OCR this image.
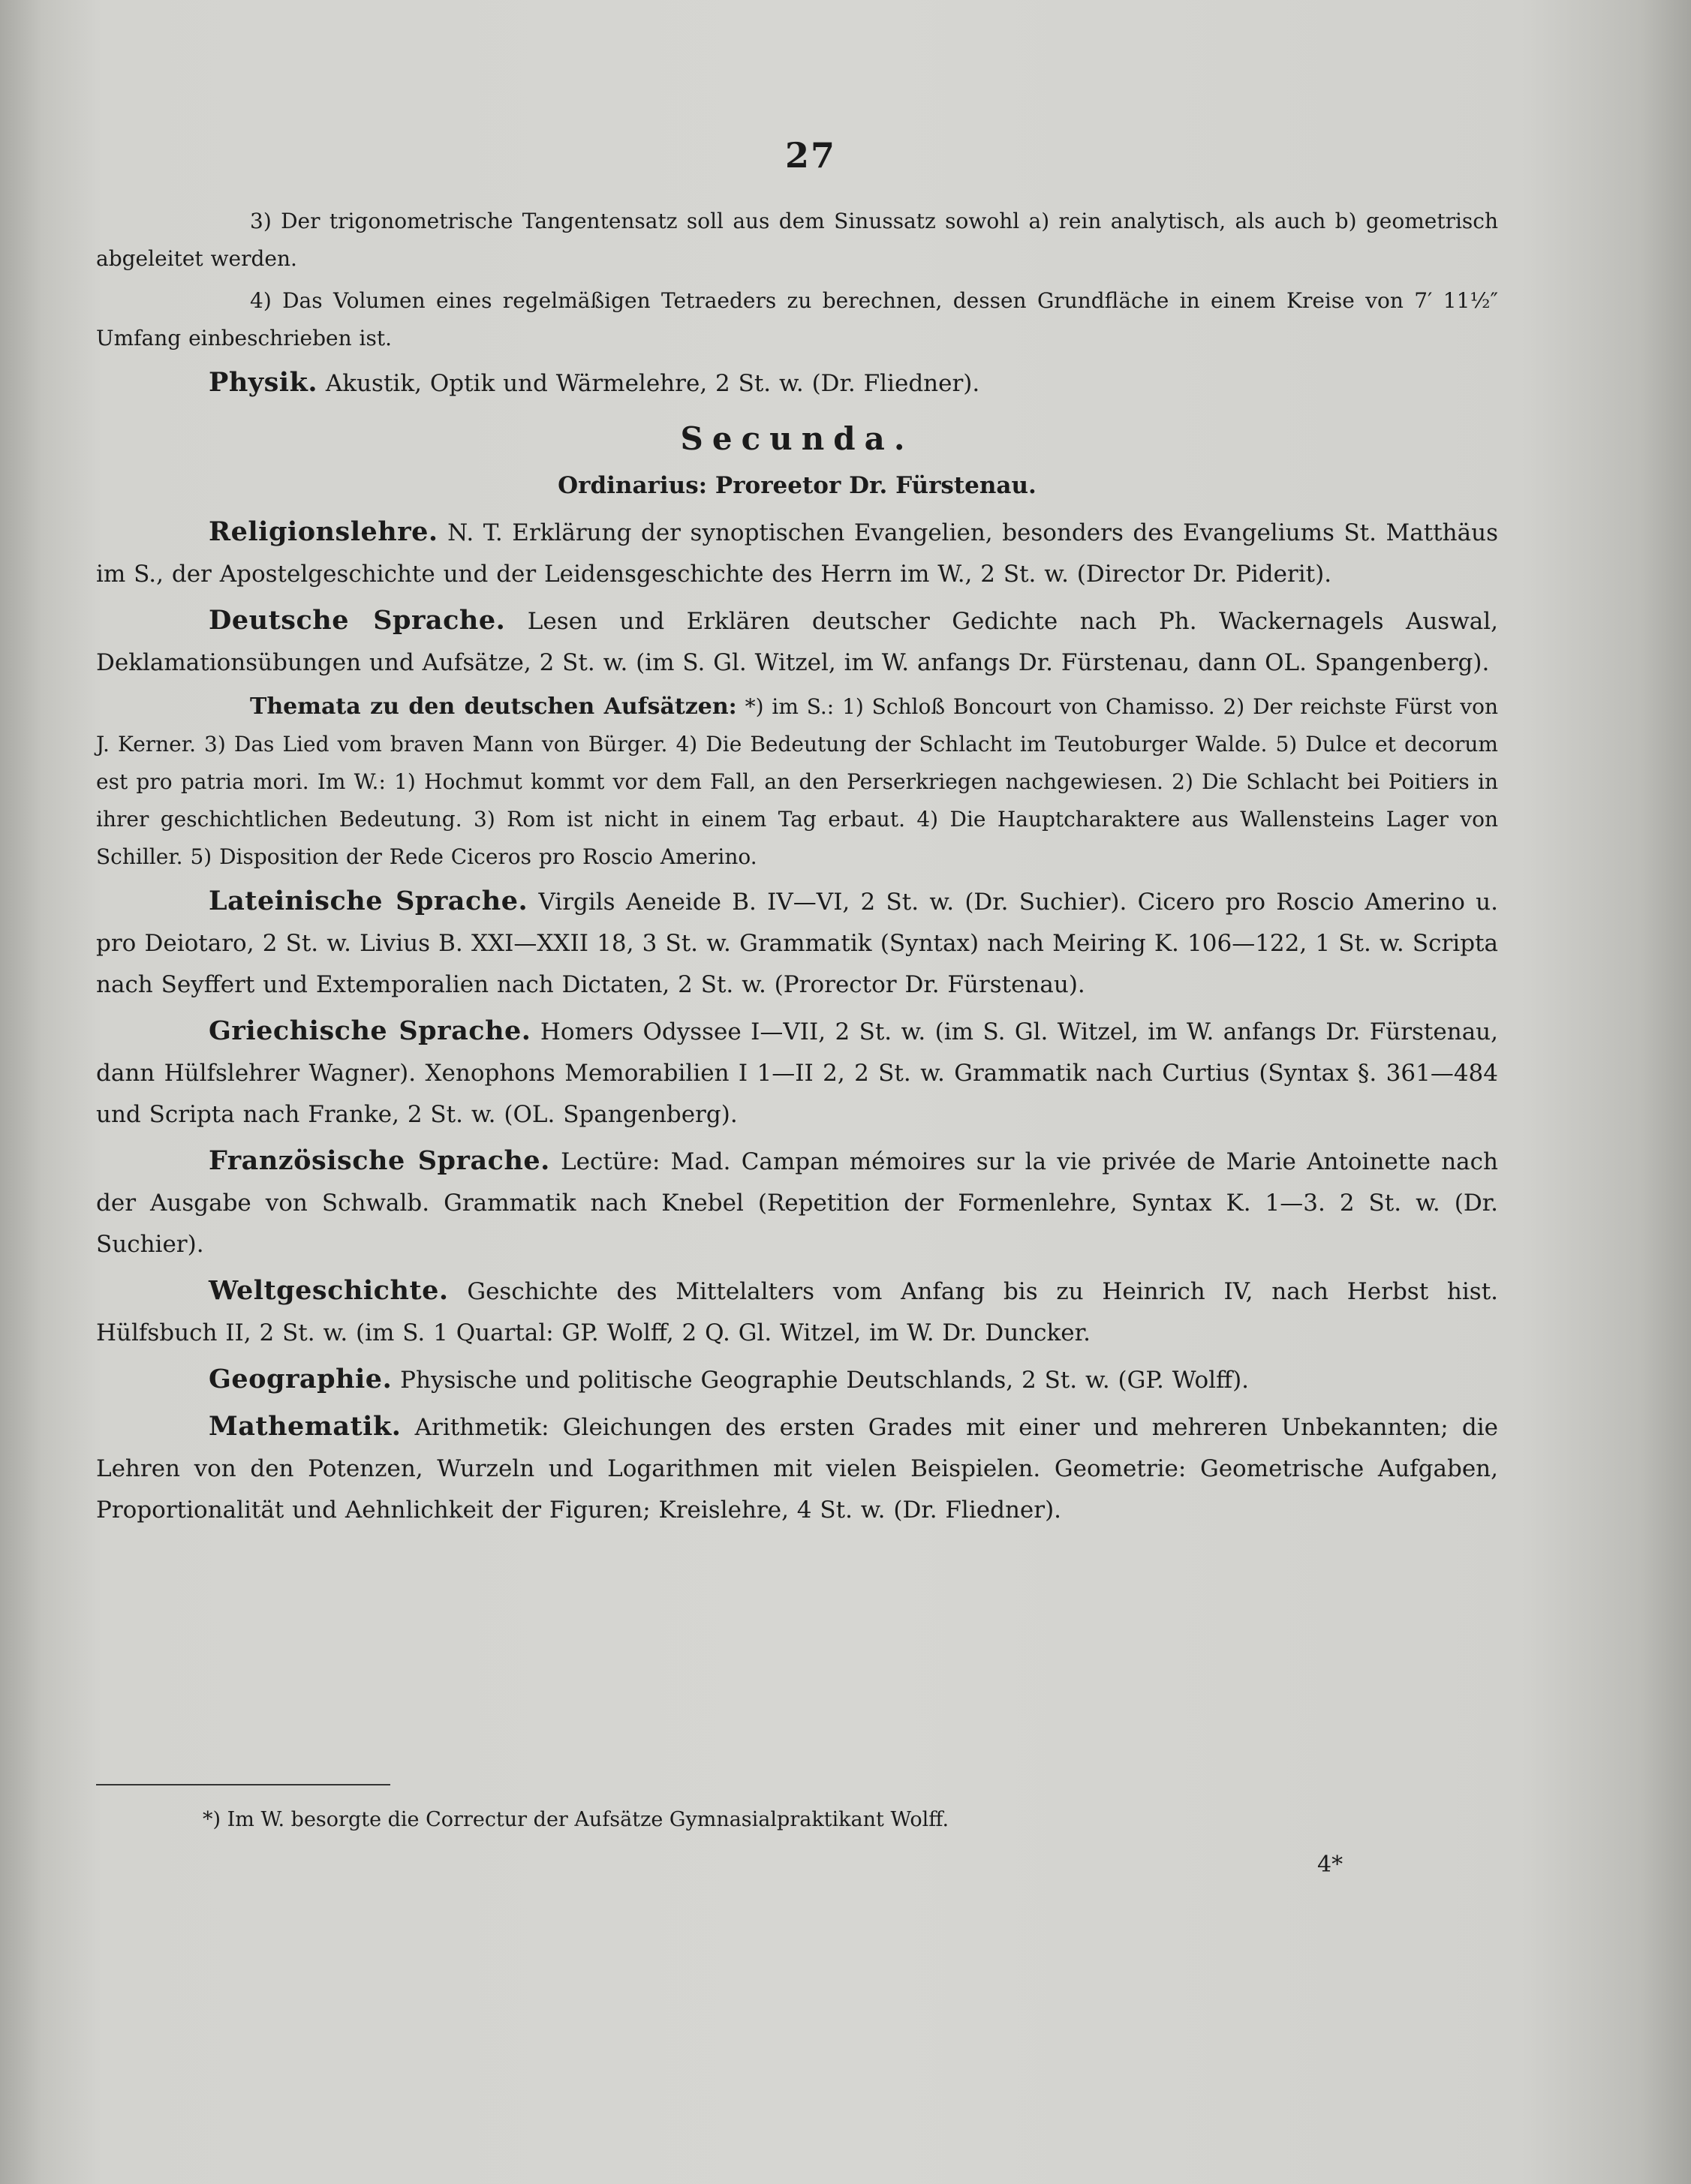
27

3) Der trigonometrische Tangentensatz soll aus dem Sinussatz sowohl a) rein analytisch, als auch b) geometrisch abgeleitet werden.

4) Das Volumen eines regelmäßigen Tetraeders zu berechnen, dessen Grundfläche in einem Kreise von 7′ 11½″ Umfang einbeschrieben ist.

Physik. Akustik, Optik und Wärmelehre, 2 St. w. (Dr. Fliedner).

Secunda.
Ordinarius: Proreetor Dr. Fürstenau.

Religionslehre. N. T. Erklärung der synoptischen Evangelien, besonders des Evangeliums St. Matthäus im S., der Apostelgeschichte und der Leidensgeschichte des Herrn im W., 2 St. w. (Director Dr. Piderit).

Deutsche Sprache. Lesen und Erklären deutscher Gedichte nach Ph. Wackernagels Auswal, Deklamationsübungen und Aufsätze, 2 St. w. (im S. Gl. Witzel, im W. anfangs Dr. Fürstenau, dann OL. Spangenberg).

Themata zu den deutschen Aufsätzen: *) im S.: 1) Schloß Boncourt von Chamisso. 2) Der reichste Fürst von J. Kerner. 3) Das Lied vom braven Mann von Bürger. 4) Die Bedeutung der Schlacht im Teutoburger Walde. 5) Dulce et decorum est pro patria mori. Im W.: 1) Hochmut kommt vor dem Fall, an den Perserkriegen nachgewiesen. 2) Die Schlacht bei Poitiers in ihrer geschichtlichen Bedeutung. 3) Rom ist nicht in einem Tag erbaut. 4) Die Hauptcharaktere aus Wallensteins Lager von Schiller. 5) Disposition der Rede Ciceros pro Roscio Amerino.

Lateinische Sprache. Virgils Aeneide B. IV—VI, 2 St. w. (Dr. Suchier). Cicero pro Roscio Amerino u. pro Deiotaro, 2 St. w. Livius B. XXI—XXII 18, 3 St. w. Grammatik (Syntax) nach Meiring K. 106—122, 1 St. w. Scripta nach Seyffert und Extemporalien nach Dictaten, 2 St. w. (Prorector Dr. Fürstenau).

Griechische Sprache. Homers Odyssee I—VII, 2 St. w. (im S. Gl. Witzel, im W. anfangs Dr. Fürstenau, dann Hülfslehrer Wagner). Xenophons Memorabilien I 1—II 2, 2 St. w. Grammatik nach Curtius (Syntax §. 361—484 und Scripta nach Franke, 2 St. w. (OL. Spangenberg).

Französische Sprache. Lectüre: Mad. Campan mémoires sur la vie privée de Marie Antoinette nach der Ausgabe von Schwalb. Grammatik nach Knebel (Repetition der Formenlehre, Syntax K. 1—3. 2 St. w. (Dr. Suchier).

Weltgeschichte. Geschichte des Mittelalters vom Anfang bis zu Heinrich IV, nach Herbst hist. Hülfsbuch II, 2 St. w. (im S. 1 Quartal: GP. Wolff, 2 Q. Gl. Witzel, im W. Dr. Duncker.

Geographie. Physische und politische Geographie Deutschlands, 2 St. w. (GP. Wolff).

Mathematik. Arithmetik: Gleichungen des ersten Grades mit einer und mehreren Unbekannten; die Lehren von den Potenzen, Wurzeln und Logarithmen mit vielen Beispielen. Geometrie: Geometrische Aufgaben, Proportionalität und Aehnlichkeit der Figuren; Kreislehre, 4 St. w. (Dr. Fliedner).

*) Im W. besorgte die Correctur der Aufsätze Gymnasialpraktikant Wolff.
4*
